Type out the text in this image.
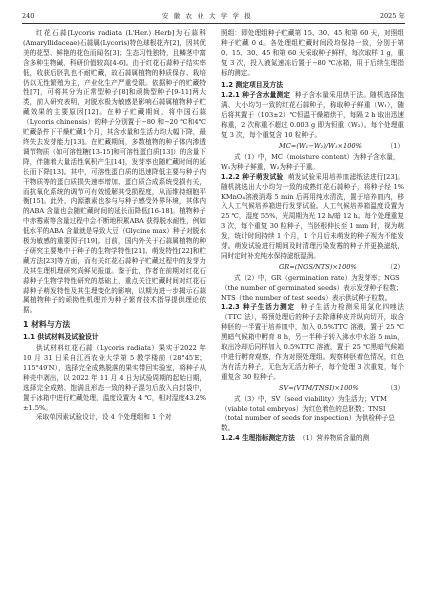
240	安 徽 农 业 大 学 学 报	2025 年

红花石蒜[Lycoris radiata (L'Her.) Herb]为石蒜科(Amaryllidaceae)石蒜属(Lycoris)特色球根花卉[2]，因其优美的花型、鲜艳的花色而闻名[3]；生态习性独特，且鳞茎中富含多种生物碱，科研价值较高[4-6]。由于红花石蒜种子结实率低，收获后胚乳也不耐贮藏，故石蒜属植物的种质保存、栽培仍以无性繁殖为主，产业化生产严重受限。依据种子的贮藏特性[7]，可将其分为正常型种子[8]和顽拗型种子[9-11]两大类，前人研究表明，对脱水极为敏感是影响石蒜属植物种子贮藏效果的主要原因[12]。在种子贮藏期间，将中国石蒜（Lycoris chinensis）的种子分别置于−80 和−20 ℃和4℃贮藏条件下干燥贮藏1个月，其含水量和生活力均大幅下降，最终失去发芽能力[13]。在贮藏期间，多数植物的种子体内渗透调节物质（如可溶性糖[13-15]和可溶性蛋白质[13]）的含量下降，伴随着大量活性氧积产生[14]，发芽率也随贮藏时间的延长而下降[13]。其中，可溶性蛋白质的迅速降低主要与种子内干物质等的蛋白质损失速率增加、蛋白质合成系统受损有关，而抗氧化系统的调节可有效缓解其受损程度，从而维持细胞平衡[15]。此外，内源激素也参与与种子感受外界环境，其体内的ABA 含量也会随贮藏时间的延长而降低[16-18]。植物种子中赤霉素等含量过程中会不断地积累ABA 获得脱水耐性，例如低水平的ABA 含量就是导致大豆（Glycine max）种子对脱水极为敏感的重要因子[19]。目前，国内外关于石蒜属植物的种子研究主要集中于种子的生物学特性[21]、萌发特性[22]和贮藏方法[23]等方面，而有关红花石蒜种子贮藏过程中的发芽力及其生理机理研究尚鲜见报道。鉴于此，作者在前期对红花石蒜种子生物学特性研究的基础上，重点关注贮藏时间对红花石蒜种子萌发特性及其生理变化的影响，以期为进一步揭示石蒜属植物种子的顽拗性机理并为种子繁育技术指导提供理论依据。

1 材料与方法
1.1 供试材料及试验设计

供试材料红花石蒜（Lycoris radiata）果实于2022 年 10 月 31 日采自江西农业大学第 5 教学楼前（28°45′E；115°49′N），选择完全成熟脱落的果实带回实验室，将种子从种壳中剥出，以 2022 年 11 月 4 日为试验周期的起始日期，选择完全成熟、饱满且形态一致的种子混匀后放入自封袋中，置于冰箱中进行贮藏处理，温度设置为 4 ℃，相对湿度43.2%±1.5%。

采取单因素试验设计，设 4 个处理组和 1 个对

照组：即处理组种子贮藏第 15、30、45 和第 60 天，对照组种子贮藏 0 d。各处理组贮藏时间段均保持一致，分别于第 0、15、30、45 和第 60 天采取种子鲜样，每次取样 1 g，重复 3 次，投入液氮速冻后置于−80 ℃冰箱，用于后续生理指标的测定。

1.2 测定项目及方法

1.2.1 种子含水量测定 种子含水量采用烘干法。随机选择饱满、大小均匀一致的红花石蒜种子，称取种子鲜重（W₁），随后将其置于（103±2）℃恒温干燥箱烘干，每隔 2 h 取出迅速称重，2 次称重不超过 0.003 g 即为恒重（W₂）。每个处理重复 3 次，每个重复含 10 粒种子。

MC=(W₁−W₂)/W₁×100%	（1）

式（1）中，MC（moisture content）为种子含水量，W₁为种子鲜重，W₂为种子干重。

1.2.2 种子萌发试验 萌发试验采用培养皿滤纸法进行[23]。随机挑选出大小均匀一致的成熟红花石蒜种子，将种子经 1% KMnO₄溶液消毒 5 min 后再用纯水清洗，置于培养皿内，移入人工气候培养箱进行发芽试验。人工气候培养箱温度设置为 25 ℃，湿度 55%，光周期为光 12 h/暗 12 h。每个处理重复 3 次，每个重复 30 粒种子，当胚根伸长至 1 mm 时，视为萌发，统计时间持续 1 个月，1 个月后未萌发的种子视为不能发芽。萌发试验进行期间及时清理污染发霉的种子并更换滤纸，同时定时补充纯水保持滤纸湿润。

GR=(NGS/NTS)×100%	（2）

式（2）中，GR（germination rate）为发芽率；NGS（the number of germinated seeds）表示发芽种子粒数；NTS（the number of test seeds）表示供试种子粒数。

1.2.3 种子生活力测定 种子生活力检测采用氯化四唑法（TTC 法），将预处理后的种子去除薄种皮并纵向切开，取含种胚的一半置于培养皿中，加入 0.5%TTC 溶液，置于 25 ℃黑暗气候箱中孵育 8 h，另一半种子转入沸水中水浴 5 min，取出冷却后同样加入 0.5%TTC 溶液，置于 25 ℃黑暗气候箱中进行孵育观察，作为对照处理组。观察种胚着色情况，红色为有活力种子，无色为无活力种子，每个处理 3 次重复，每个重复含 30 粒种子。

SV=(VTM/TNSI)×100%	（3）

式（3）中，SV（seed viability）为生活力；VTM（viable total embryos）为红色着色的总胚数；TNSI（total number of seeds for inspection）为供检种子总数。

1.2.4 生理指标测定方法 （1）营养物质含量的测
